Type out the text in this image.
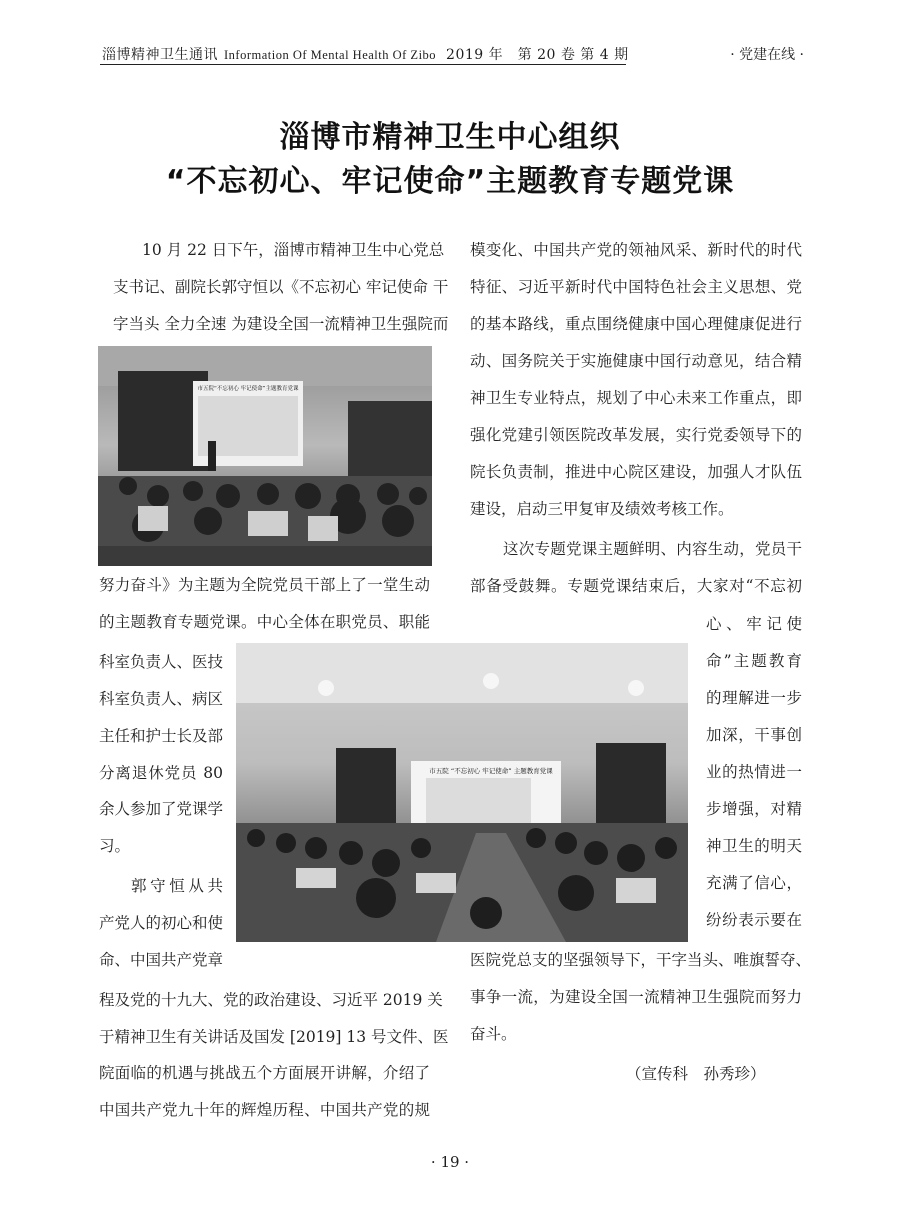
淄博精神卫生通讯 Information Of Mental Health Of Zibo 2019 年　第 20 卷 第 4 期	· 党建在线 ·
淄博市精神卫生中心组织
“不忘初心、牢记使命”主题教育专题党课
10 月 22 日下午，淄博市精神卫生中心党总
支书记、副院长郭守恒以《不忘初心 牢记使命 干
字当头 全力全速 为建设全国一流精神卫生强院而
市五院“不忘初心 牢记使命”主题教育党课
努力奋斗》为主题为全院党员干部上了一堂生动
的主题教育专题党课。中心全体在职党员、职能
科室负责人、医技
科室负责人、病区
主任和护士长及部
分离退休党员 80
余人参加了党课学
习。
郭守恒从共
产党人的初心和使
命、中国共产党章
程及党的十九大、党的政治建设、习近平 2019 关
于精神卫生有关讲话及国发 [2019] 13 号文件、医
院面临的机遇与挑战五个方面展开讲解，介绍了
中国共产党九十年的辉煌历程、中国共产党的规
模变化、中国共产党的领袖风采、新时代的时代
特征、习近平新时代中国特色社会主义思想、党
的基本路线，重点围绕健康中国心理健康促进行
动、国务院关于实施健康中国行动意见，结合精
神卫生专业特点，规划了中心未来工作重点，即
强化党建引领医院改革发展，实行党委领导下的
院长负责制，推进中心院区建设，加强人才队伍
建设，启动三甲复审及绩效考核工作。
这次专题党课主题鲜明、内容生动，党员干
部备受鼓舞。专题党课结束后，大家对“不忘初
心、牢记使
命”主题教育
的理解进一步
加深，干事创
业的热情进一
步增强，对精
神卫生的明天
充满了信心，
纷纷表示要在
医院党总支的坚强领导下，干字当头、唯旗誓夺、
事争一流，为建设全国一流精神卫生强院而努力
奋斗。
（宣传科　孙秀珍）
市五院 “不忘初心 牢记使命” 主题教育党课
· 19 ·
